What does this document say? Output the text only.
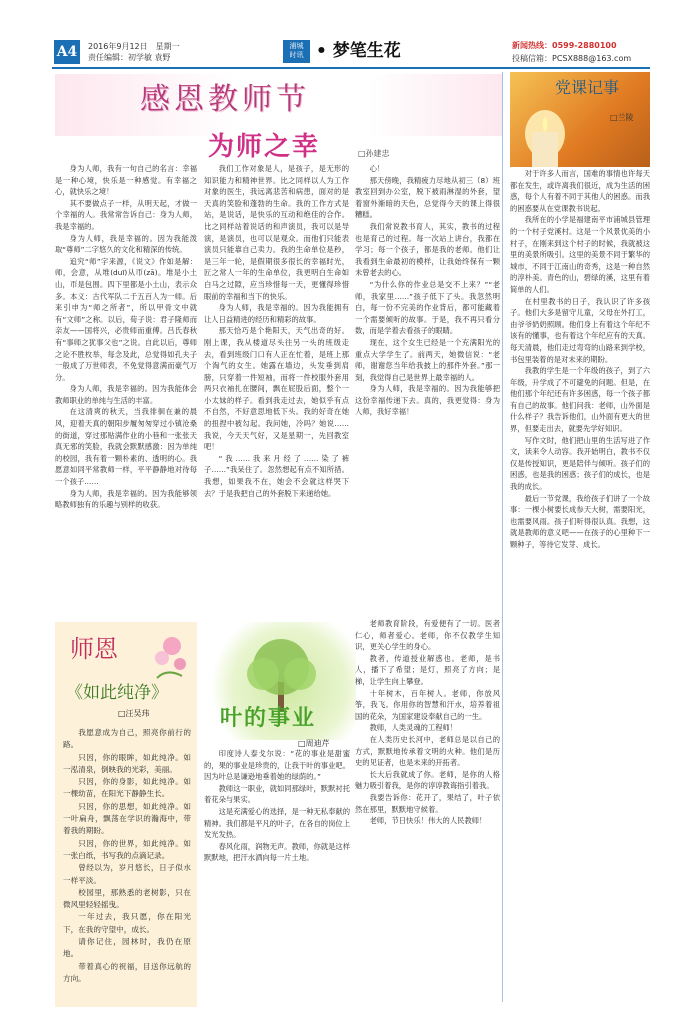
A4	2016年9月12日　星期一
责任编辑：初学敏 袁野
浦城
时讯 • 梦笔生花	新闻热线：0599-2880100
投稿信箱：PCSX888@163.com
感恩教师节
为师之幸	□孙建忠

身为人师，我有一句自己的名言：幸福是一种心境，快乐是一种感觉。有幸福之心，就快乐之境！

其不要做点子一样，从明天起，才做一个幸福的人。我常常告诉自己：身为人师，我是幸福的。

身为人师，我是幸福的。因为我能泼取“尊师”二字悠久的文化和精深的传统。

追究“师”字来源，《说文》作如是解：师，会意，从堆(duī)从帀(zā)。堆是小土山，帀是包围。四下里都是小土山，表示众多。本义：古代军队二千五百人为一师。后来引申为“师之所者”，所以甲骨文中就有“文师”之称。以后，荀子说：君子隆师而亲友——国将兴，必贵师而重傅。吕氏春秋有“事师之犹事父也”之说。自此以后，尊师之论不胜枚举，每念及此，总觉得如孔夫子一般成了万世师表，不免觉得意满而豪气万分。

身为人师，我是幸福的。因为我能体会教师职业的单纯与生活的丰富。

在这清爽的秋天，当我徘徊在兼的晨风，迎着天真的朝阳步履匆匆穿过小镇沧桑的街道，穿过那贴满作业的小巷和一张张天真无邪的笑脸，我就会默默感激：因为单纯的校园，我有着一颗朴素的、透明的心。我愿意如同平常教师一样，平平静静地对待每一个孩子……

身为人师，我是幸福的。因为我能够领略教师独有的乐趣与别样的收获。

我们工作对象是人，是孩子，是无形的知识能力和精神世界。比之同样以人为工作对象的医生，我远离悲苦和病患，面对的是天真的笑脸和蓬勃的生命。我的工作方式是站，是说话，是快乐的互动和绝佳的合作。比之同样站着说话的和声演员，我可以是导演，是演员，也可以是观众。而他们只能表演员只能靠自己卖力。我的生命单位是秒，是三年一轮，是假期很多很长的幸福时光，匠之常人一年的生命单位，我更明白生命如白马之过隙，应当珍惜每一天，更懂得珍惜眼前的幸福和当下的快乐。

身为人师，我是幸福的。因为我能拥有让人日益精进的经历和精彩的故事。

那天恰巧是个艳阳天，天气出奇的好。刚上课，我从楼道尽头往另一头的班级走去，看到班级门口有人正在忙着，是班上那个淘气的女生。她露在墙边，头发垂到肩膀，只穿着一件短袖，而将一件校服外套用两只衣袖扎在腰间，飘在屁股后面，整个一小太妹的样子。看到我走过去，她似乎有点不自然，不好意思地低下头。我的好奇在她的扭捏中被勾起。我问她，冷吗？她说……我说，今天天气好，又是星期一，先回教室吧！

“我……我来月经了……染了裤子……”我呆住了。忽然想起有点不知所措。我想，如果我不在，她会不会就这样哭下去？于是我把自己的外套脱下来递给她。

心！

那天傍晚，我精疲力尽地从初三（8）班教室回到办公室，脱下被雨淋湿的外套，望着窗外渐暗的天色，总觉得今天的课上得很糟糕。

我们常说教书育人，其实，教书的过程也是育己的过程。每一次站上讲台，我都在学习；每一个孩子，都是我的老师。他们让我看到生命最初的模样，让我始终保有一颗未曾老去的心。

“为什么你的作业总是交不上来？”“老师，我家里……”孩子低下了头。我忽然明白，每一份不完美的作业背后，都可能藏着一个需要倾听的故事。于是，我不再只看分数，而是学着去看孩子的眼睛。

现在，这个女生已经是一个充满阳光的重点大学学生了。前两天，她微信说：“老师，谢谢您当年给我披上的那件外套。”那一刻，我觉得自己是世界上最幸福的人。

身为人师，我是幸福的。因为我能够把这份幸福传递下去。真的，我更觉得：身为人师，我好幸福！

党课记事
□兰陵

对于许多人而言，国难的事情也许每天都在发生，或许离我们很近，成为生活的困惑，每个人有着不同于其他人的困惑。而我的困惑要从在党课教书说起。

我所在的小学是福建南平市浦城县管理的一个村子党溪村。这是一个风景优美的小村子，在刚来到这个村子的时候，我就被这里的美景所吸引。这里的美景不同于繁华的城市，不同于江南山的奇秀，这是一种自然的淳朴美。青色的山，碧绿的溪，这里有着简单的人们。

在村里教书的日子，我认识了许多孩子。他们大多是留守儿童，父母在外打工，由爷爷奶奶照顾。他们身上有着这个年纪不该有的懂事，也有着这个年纪应有的天真。每天清晨，他们走过弯弯的山路来到学校，书包里装着的是对未来的期盼。

我教的学生是一个年级的孩子，到了六年级，升学成了不可避免的问题。但是，在他们那个年纪还有许多困惑，每一个孩子都有自己的故事。他们问我：老师，山外面是什么样子？我告诉他们，山外面有更大的世界，但要走出去，就要先学好知识。

写作文时，他们把山里的生活写进了作文，读来令人动容。我开始明白，教书不仅仅是传授知识，更是陪伴与倾听。孩子们的困惑，也是我的困惑；孩子们的成长，也是我的成长。

最后一节党课，我给孩子们讲了一个故事：一棵小树要长成参天大树，需要阳光，也需要风雨。孩子们听得很认真。我想，这就是教师的意义吧——在孩子的心里种下一颗种子，等待它发芽、成长。

师恩
《如此纯净》
□汪吴玮

我愿意成为自己，照亮你前行的路。

只因，你的眼眸，如此纯净。如一泓清泉，倒映我的光彩，美丽。

只因，你的身影，如此纯净。如一棵幼苗，在阳光下静静生长。

只因，你的思想，如此纯净。如一叶扁舟，飘荡在学识的瀚海中，带着我的期盼。

只因，你的世界，如此纯净。如一张白纸，书写我的点滴记录。

曾经以为，岁月悠长，日子似水一样平淡。

校园里，那熟悉的老树影，只在微风里轻轻摇曳。

一年过去，我只愿，你在阳光下，在我的守望中，成长。

请你记住，园林时，我仍在原地。

带着真心的祝福，目送你远航的方向。

叶的事业
□周迪芹

印度诗人泰戈尔说：“花的事业是甜蜜的，果的事业是珍贵的，让我干叶的事业吧。因为叶总是谦逊地垂着她的绿荫的。”

教师这一职业，就如同那绿叶，默默衬托着花朵与果实。

这是充满爱心的选择，是一种无私奉献的精神。我们都是平凡的叶子，在各自的岗位上发光发热。

春风化雨，润物无声。教师，你就是这样默默地，把汗水洒向每一片土地。

老师教育阶段，有爱便有了一切。医者仁心，师者爱心。老师，你不仅教学生知识，更关心学生的身心。

教者，传道授业解惑也。老师，是书人，播下了希望；是灯，照亮了方向；是梯，让学生向上攀登。

十年树木，百年树人。老师，你放风筝，我飞。你用你的智慧和汗水，培养着祖国的花朵，为国家建设奉献自己的一生。

教师，人类灵魂的工程师！

在人类历史长河中，老师总是以自己的方式，默默地传承着文明的火种。他们是历史的见证者，也是未来的开拓者。

长大后我就成了你。老师，是你的人格魅力吸引着我，是你的谆谆教诲指引着我。

我要告诉你：花开了，果结了，叶子依然在那里，默默地守候着。

老师，节日快乐！伟大的人民教师！
